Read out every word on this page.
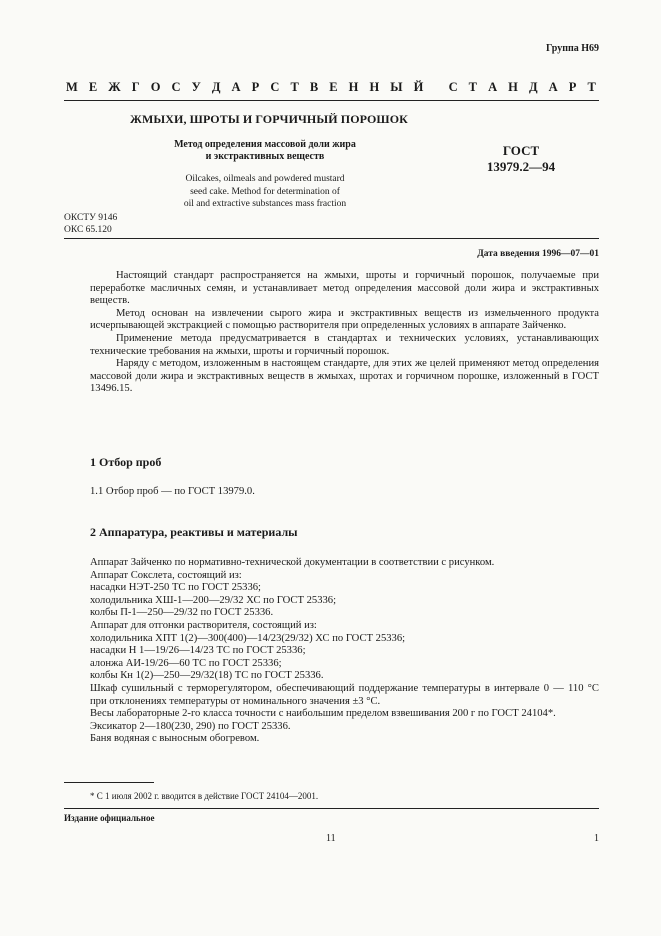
Группа Н69
М Е Ж Г О С У Д А Р С Т В Е Н Н Ы Й
С Т А Н Д А Р Т
ЖМЫХИ, ШРОТЫ И ГОРЧИЧНЫЙ ПОРОШОК
Метод определения массовой доли жира
и экстрактивных веществ	ГОСТ
13979.2—94
Oilcakes, oilmeals and powdered mustard
seed cake. Method for determination of
oil and extractive substances mass fraction
ОКСТУ 9146
ОКС 65.120
Дата введения 1996—07—01

Настоящий стандарт распространяется на жмыхи, шроты и горчичный порошок, получаемые при переработке масличных семян, и устанавливает метод определения массовой доли жира и экстрактивных веществ.

Метод основан на извлечении сырого жира и экстрактивных веществ из измельченного продукта исчерпывающей экстракцией с помощью растворителя при определенных условиях в аппарате Зайченко.

Применение метода предусматривается в стандартах и технических условиях, устанавливающих технические требования на жмыхи, шроты и горчичный порошок.

Наряду с методом, изложенным в настоящем стандарте, для этих же целей применяют метод определения массовой доли жира и экстрактивных веществ в жмыхах, шротах и горчичном порошке, изложенный в ГОСТ 13496.15.

1 Отбор проб
1.1 Отбор проб — по ГОСТ 13979.0.
2 Аппаратура, реактивы и материалы
Аппарат Зайченко по нормативно-технической документации в соответствии с рисунком.
Аппарат Сокслета, состоящий из:
насадки НЭТ-250 ТС по ГОСТ 25336;
холодильника ХШ-1—200—29/32 ХС по ГОСТ 25336;
колбы П-1—250—29/32 по ГОСТ 25336.
Аппарат для отгонки растворителя, состоящий из:
холодильника ХПТ 1(2)—300(400)—14/23(29/32) ХС по ГОСТ 25336;
насадки Н 1—19/26—14/23 ТС по ГОСТ 25336;
алонжа АИ-19/26—60 ТС по ГОСТ 25336;
колбы Кн 1(2)—250—29/32(18) ТС по ГОСТ 25336.

Шкаф сушильный с терморегулятором, обеспечивающий поддержание температуры в интервале 0 — 110 °С при отклонениях температуры от номинального значения ±3 °С.

Весы лабораторные 2-го класса точности с наибольшим пределом взвешивания 200 г по ГОСТ 24104*.

Эксикатор 2—180(230, 290) по ГОСТ 25336.
Баня водяная с выносным обогревом.
* С 1 июля 2002 г. вводится в действие ГОСТ 24104—2001.
Издание официальное
11	1
